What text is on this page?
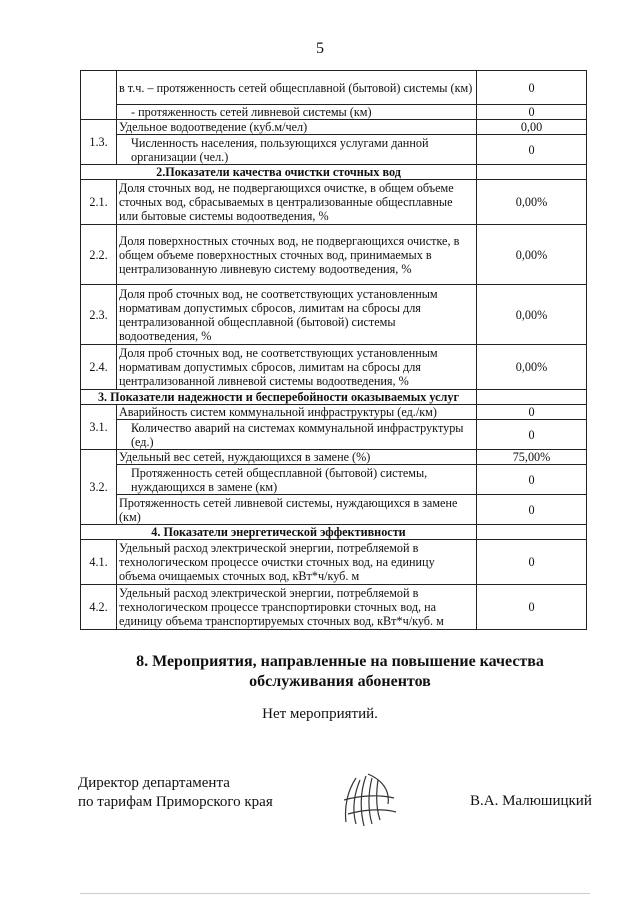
5
	в т.ч. – протяженность сетей общесплавной (бытовой) системы (км)	0
	- протяженность сетей ливневой системы (км)	0
1.3.	Удельное водоотведение (куб.м/чел)	0,00
	Численность населения, пользующихся услугами данной организации (чел.)	0
2.Показатели качества очистки сточных вод		
2.1.	Доля сточных вод, не подвергающихся очистке, в общем объеме сточных вод, сбрасываемых в централизованные общесплавные или бытовые системы водоотведения, %	0,00%
2.2.	Доля поверхностных сточных вод, не подвергающихся очистке, в общем объеме поверхностных сточных вод, принимаемых в централизованную ливневую систему водоотведения, %	0,00%
2.3.	Доля проб сточных вод, не соответствующих установленным нормативам допустимых сбросов, лимитам на сбросы для централизованной общесплавной (бытовой) системы водоотведения, %	0,00%
2.4.	Доля проб сточных вод, не соответствующих установленным нормативам допустимых сбросов, лимитам на сбросы для централизованной ливневой системы водоотведения, %	0,00%
3. Показатели надежности и бесперебойности оказываемых услуг		
3.1.	Аварийность систем коммунальной инфраструктуры (ед./км)	0
	Количество аварий на системах коммунальной инфраструктуры (ед.)	0
3.2.	Удельный вес сетей, нуждающихся в замене (%)	75,00%
	Протяженность сетей общесплавной (бытовой) системы, нуждающихся в замене (км)	0
	Протяженность сетей ливневой системы, нуждающихся в замене (км)	0
4. Показатели энергетической эффективности		
4.1.	Удельный расход электрической энергии, потребляемой в технологическом процессе очистки сточных вод, на единицу объема очищаемых сточных вод, кВт*ч/куб. м	0
4.2.	Удельный расход электрической энергии, потребляемой в технологическом процессе транспортировки сточных вод, на единицу объема транспортируемых сточных вод, кВт*ч/куб. м	0
8. Мероприятия, направленные на повышение качества
обслуживания абонентов
Нет мероприятий.
Директор департамента
по тарифам Приморского края	В.А. Малюшицкий
